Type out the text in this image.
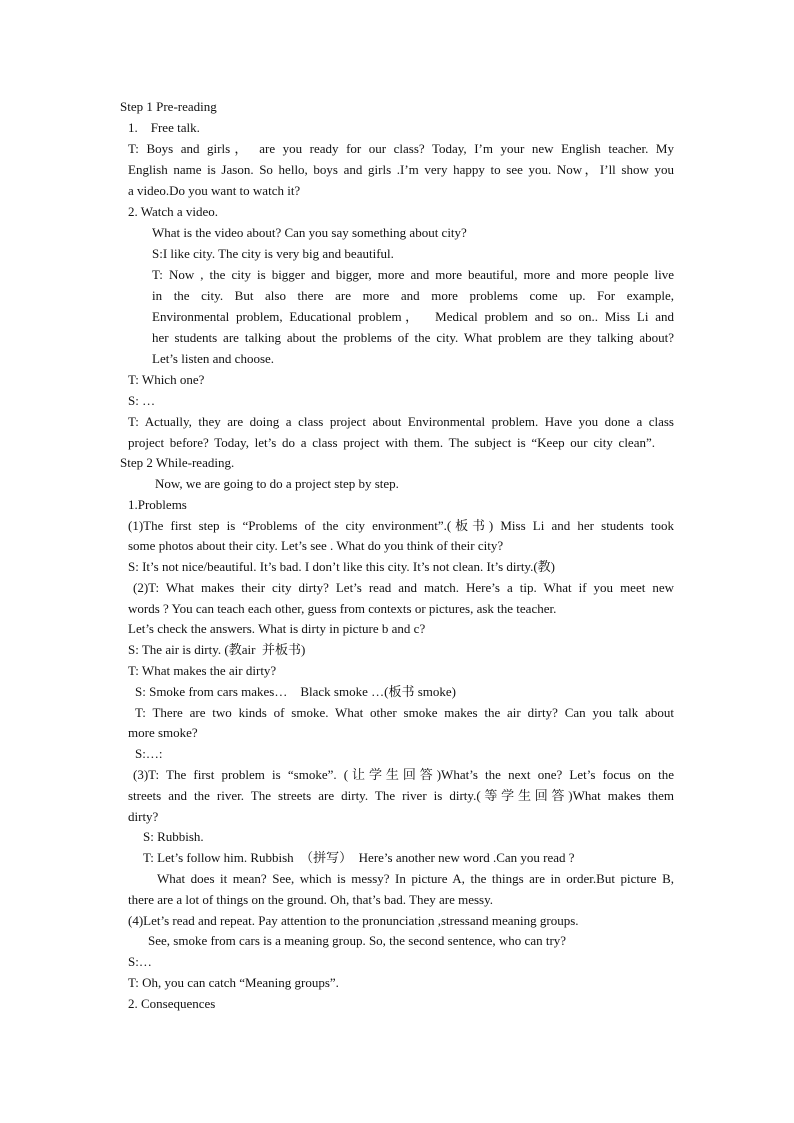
Step 1 Pre-reading
1.    Free talk.
T: Boys and girls， are you ready for our class? Today, I’m your new English teacher. My
English name is Jason. So hello, boys and girls .I’m very happy to see you. Now，I’ll show you
a video.Do you want to watch it?
2. Watch a video.
What is the video about? Can you say something about city?
S:I like city. The city is very big and beautiful.
T: Now , the city is bigger and bigger, more and more beautiful, more and more people live
in the city. But also there are more and more problems come up. For example,
Environmental problem, Educational problem，  Medical problem and so on.. Miss Li and
her students are talking about the problems of the city. What problem are they talking about?
Let’s listen and choose.
T: Which one?
S: …
T: Actually, they are doing a class project about Environmental problem. Have you done a class
project before? Today, let’s do a class project with them. The subject is “Keep our city clean”.
Step 2 While-reading.
Now, we are going to do a project step by step.
1.Problems
(1)The first step is “Problems of the city environment”.(板书) Miss Li and her students took
some photos about their city. Let’s see . What do you think of their city?
S: It’s not nice/beautiful. It’s bad. I don’t like this city. It’s not clean. It’s dirty.(教)
(2)T: What makes their city dirty? Let’s read and match. Here’s a tip. What if you meet new
words ? You can teach each other, guess from contexts or pictures, ask the teacher.
Let’s check the answers. What is dirty in picture b and c?
S: The air is dirty. (教air  并板书)
T: What makes the air dirty?
S: Smoke from cars makes…    Black smoke …(板书 smoke)
T: There are two kinds of smoke. What other smoke makes the air dirty? Can you talk about
more smoke?
S:…:
(3)T: The first problem is “smoke”. (让学生回答)What’s the next one? Let’s focus on the
streets and the river. The streets are dirty. The river is dirty.(等学生回答)What makes them
dirty?
S: Rubbish.
T: Let’s follow him. Rubbish  （拼写）  Here’s another new word .Can you read ?
What does it mean? See, which is messy? In picture A, the things are in order.But picture B,
there are a lot of things on the ground. Oh, that’s bad. They are messy.
(4)Let’s read and repeat. Pay attention to the pronunciation ,stressand meaning groups.
See, smoke from cars is a meaning group. So, the second sentence, who can try?
S:…
T: Oh, you can catch “Meaning groups”.
2. Consequences
